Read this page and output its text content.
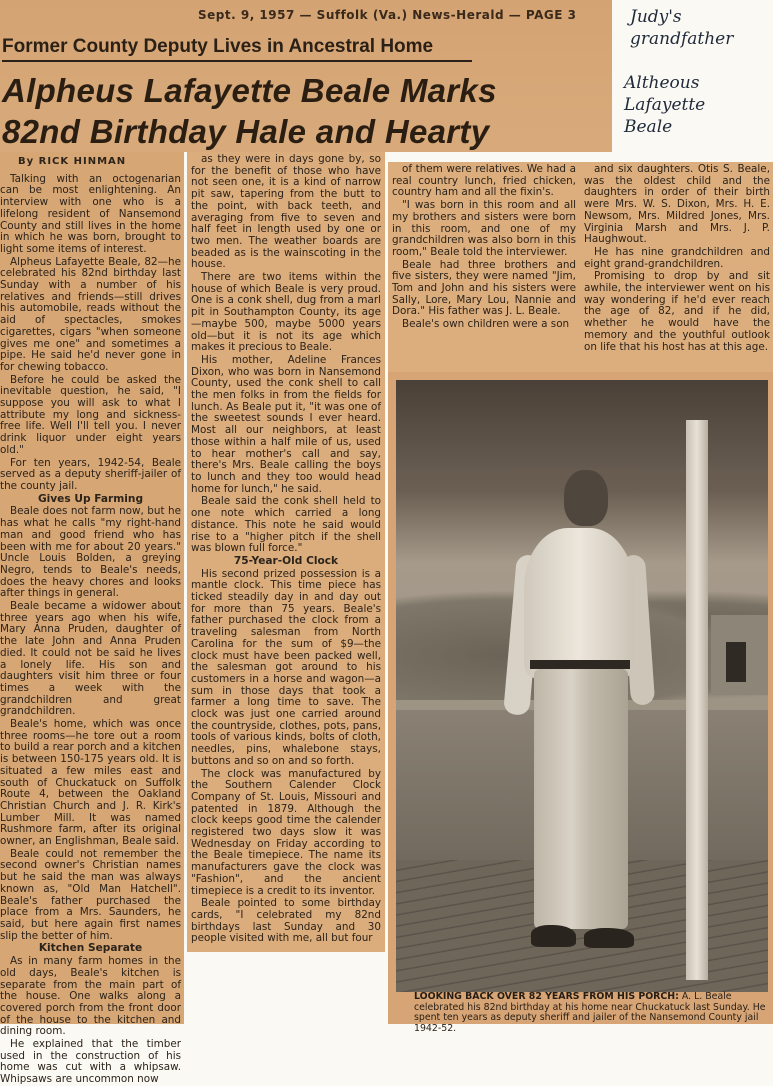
Sept. 9, 1957 — Suffolk (Va.) News-Herald — PAGE 3
Former County Deputy Lives in Ancestral Home
Alpheus Lafayette Beale Marks
82nd Birthday Hale and Hearty
Judy's
grandfather
Altheous
Lafayette
Beale
By RICK HINMAN

Talking with an octogenarian can be most enlightening. An interview with one who is a lifelong resident of Nansemond County and still lives in the home in which he was born, brought to light some items of interest.

Alpheus Lafayette Beale, 82—he celebrated his 82nd birthday last Sunday with a number of his relatives and friends—still drives his automobile, reads without the aid of spectacles, smokes cigarettes, cigars "when someone gives me one" and sometimes a pipe. He said he'd never gone in for chewing tobacco.

Before he could be asked the inevitable question, he said, "I suppose you will ask to what I attribute my long and sickness-free life. Well I'll tell you. I never drink liquor under eight years old."

For ten years, 1942-54, Beale served as a deputy sheriff-jailer of the county jail.

Gives Up Farming

Beale does not farm now, but he has what he calls "my right-hand man and good friend who has been with me for about 20 years." Uncle Louis Bolden, a greying Negro, tends to Beale's needs, does the heavy chores and looks after things in general.

Beale became a widower about three years ago when his wife, Mary Anna Pruden, daughter of the late John and Anna Pruden died. It could not be said he lives a lonely life. His son and daughters visit him three or four times a week with the grandchildren and great grandchildren.

Beale's home, which was once three rooms—he tore out a room to build a rear porch and a kitchen is between 150-175 years old. It is situated a few miles east and south of Chuckatuck on Suffolk Route 4, between the Oakland Christian Church and J. R. Kirk's Lumber Mill. It was named Rushmore farm, after its original owner, an Englishman, Beale said.

Beale could not remember the second owner's Christian names but he said the man was always known as, "Old Man Hatchell". Beale's father purchased the place from a Mrs. Saunders, he said, but here again first names slip the better of him.

Kitchen Separate

As in many farm homes in the old days, Beale's kitchen is separate from the main part of the house. One walks along a covered porch from the front door of the house to the kitchen and dining room.

He explained that the timber used in the construction of his home was cut with a whipsaw. Whipsaws are uncommon now

as they were in days gone by, so for the benefit of those who have not seen one, it is a kind of narrow pit saw, tapering from the butt to the point, with back teeth, and averaging from five to seven and half feet in length used by one or two men. The weather boards are beaded as is the wainscoting in the house.

There are two items within the house of which Beale is very proud. One is a conk shell, dug from a marl pit in Southampton County, its age—maybe 500, maybe 5000 years old—but it is not its age which makes it precious to Beale.

His mother, Adeline Frances Dixon, who was born in Nansemond County, used the conk shell to call the men folks in from the fields for lunch. As Beale put it, "it was one of the sweetest sounds I ever heard. Most all our neighbors, at least those within a half mile of us, used to hear mother's call and say, there's Mrs. Beale calling the boys to lunch and they too would head home for lunch," he said.

Beale said the conk shell held to one note which carried a long distance. This note he said would rise to a "higher pitch if the shell was blown full force."

75-Year-Old Clock

His second prized possession is a mantle clock. This time piece has ticked steadily day in and day out for more than 75 years. Beale's father purchased the clock from a traveling salesman from North Carolina for the sum of $9—the clock must have been packed well, the salesman got around to his customers in a horse and wagon—a sum in those days that took a farmer a long time to save. The clock was just one carried around the countryside, clothes, pots, pans, tools of various kinds, bolts of cloth, needles, pins, whalebone stays, buttons and so on and so forth.

The clock was manufactured by the Southern Calender Clock Company of St. Louis, Missouri and patented in 1879. Although the clock keeps good time the calender registered two days slow it was Wednesday on Friday according to the Beale timepiece. The name its manufacturers gave the clock was "Fashion", and the ancient timepiece is a credit to its inventor.

Beale pointed to some birthday cards, "I celebrated my 82nd birthdays last Sunday and 30 people visited with me, all but four

of them were relatives. We had a real country lunch, fried chicken, country ham and all the fixin's.

"I was born in this room and all my brothers and sisters were born in this room, and one of my grandchildren was also born in this room," Beale told the interviewer.

Beale had three brothers and five sisters, they were named "Jim, Tom and John and his sisters were Sally, Lore, Mary Lou, Nannie and Dora." His father was J. L. Beale.

Beale's own children were a son

and six daughters. Otis S. Beale, was the oldest child and the daughters in order of their birth were Mrs. W. S. Dixon, Mrs. H. E. Newsom, Mrs. Mildred Jones, Mrs. Virginia Marsh and Mrs. J. P. Haughwout.

He has nine grandchildren and eight grand-grandchildren.

Promising to drop by and sit awhile, the interviewer went on his way wondering if he'd ever reach the age of 82, and if he did, whether he would have the memory and the youthful outlook on life that his host has at this age.

LOOKING BACK OVER 82 YEARS FROM HIS PORCH: A. L. Beale celebrated his 82nd birthday at his home near Chuckatuck last Sunday. He spent ten years as deputy sheriff and jailer of the Nansemond County jail 1942-52.
